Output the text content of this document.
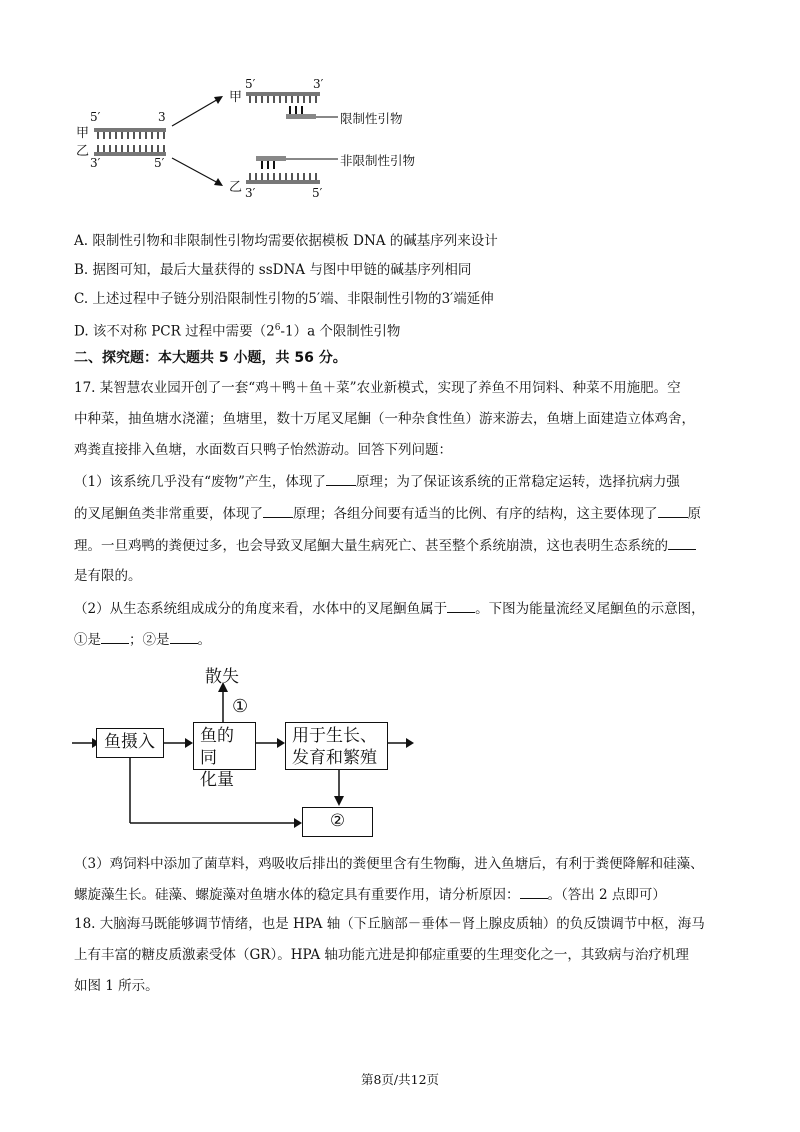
5′	3
甲
乙
3′	5′
甲
5′	3′
限制性引物
非限制性引物
乙 3′	5′
A. 限制性引物和非限制性引物均需要依据模板 DNA 的碱基序列来设计
B. 据图可知，最后大量获得的 ssDNA 与图中甲链的碱基序列相同
C. 上述过程中子链分别沿限制性引物的5′端、非限制性引物的3′端延伸
D. 该不对称 PCR 过程中需要$(2^6-1)a$ 个限制性引物
二、探究题：本大题共 5 小题，共 56 分。
17. 某智慧农业园开创了一套“鸡＋鸭＋鱼＋菜”农业新模式，实现了养鱼不用饲料、种菜不用施肥。空
中种菜，抽鱼塘水浇灌；鱼塘里，数十万尾叉尾鮰（一种杂食性鱼）游来游去，鱼塘上面建造立体鸡舍，
鸡粪直接排入鱼塘，水面数百只鸭子怡然游动。回答下列问题：
（1）该系统几乎没有“废物”产生，体现了 原理；为了保证该系统的正常稳定运转，选择抗病力强
的叉尾鮰鱼类非常重要，体现了 原理；各组分间要有适当的比例、有序的结构，这主要体现了 原
理。一旦鸡鸭的粪便过多，也会导致叉尾鮰大量生病死亡、甚至整个系统崩溃，这也表明生态系统的
是有限的。
（2）从生态系统组成成分的角度来看，水体中的叉尾鮰鱼属于 。下图为能量流经叉尾鮰鱼的示意图，
①是 ；②是 。
散失
①
鱼摄入	鱼的同
化量
用于生长、
发育和繁殖
②
（3）鸡饲料中添加了菌草料，鸡吸收后排出的粪便里含有生物酶，进入鱼塘后，有利于粪便降解和硅藻、
螺旋藻生长。硅藻、螺旋藻对鱼塘水体的稳定具有重要作用，请分析原因： 。（答出 2 点即可）
18. 大脑海马既能够调节情绪，也是 HPA 轴（下丘脑部－垂体－肾上腺皮质轴）的负反馈调节中枢，海马
上有丰富的糖皮质激素受体（GR）。HPA 轴功能亢进是抑郁症重要的生理变化之一，其致病与治疗机理
如图 1 所示。
第8页/共12页
